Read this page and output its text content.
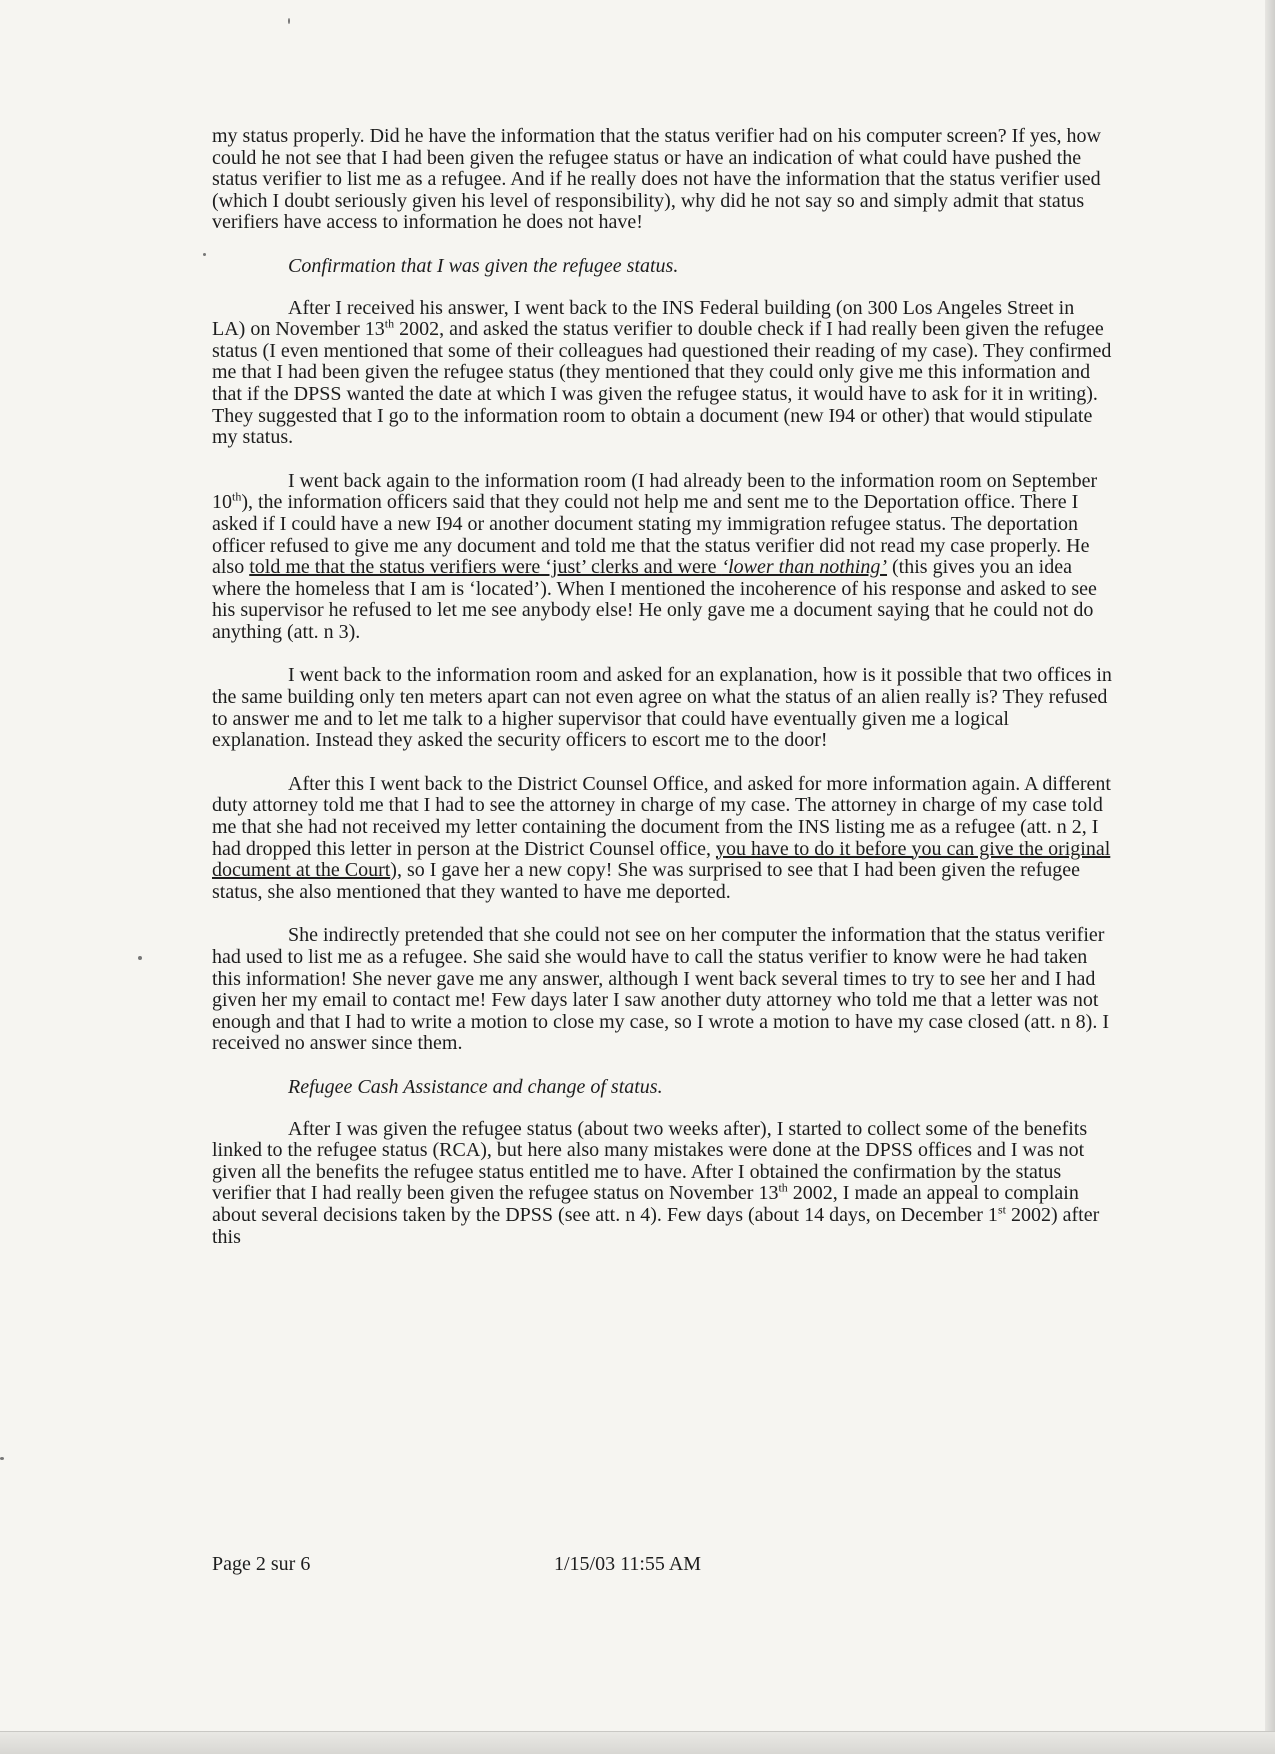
my status properly. Did he have the information that the status verifier had on his computer screen? If yes, how could he not see that I had been given the refugee status or have an indication of what could have pushed the status verifier to list me as a refugee. And if he really does not have the information that the status verifier used (which I doubt seriously given his level of responsibility), why did he not say so and simply admit that status verifiers have access to information he does not have!

Confirmation that I was given the refugee status.

After I received his answer, I went back to the INS Federal building (on 300 Los Angeles Street in LA) on November 13th 2002, and asked the status verifier to double check if I had really been given the refugee status (I even mentioned that some of their colleagues had questioned their reading of my case). They confirmed me that I had been given the refugee status (they mentioned that they could only give me this information and that if the DPSS wanted the date at which I was given the refugee status, it would have to ask for it in writing). They suggested that I go to the information room to obtain a document (new I94 or other) that would stipulate my status.

I went back again to the information room (I had already been to the information room on September 10th), the information officers said that they could not help me and sent me to the Deportation office. There I asked if I could have a new I94 or another document stating my immigration refugee status. The deportation officer refused to give me any document and told me that the status verifier did not read my case properly. He also told me that the status verifiers were ‘just’ clerks and were ‘lower than nothing’ (this gives you an idea where the homeless that I am is ‘located’). When I mentioned the incoherence of his response and asked to see his supervisor he refused to let me see anybody else! He only gave me a document saying that he could not do anything (att. n 3).

I went back to the information room and asked for an explanation, how is it possible that two offices in the same building only ten meters apart can not even agree on what the status of an alien really is? They refused to answer me and to let me talk to a higher supervisor that could have eventually given me a logical explanation. Instead they asked the security officers to escort me to the door!

After this I went back to the District Counsel Office, and asked for more information again. A different duty attorney told me that I had to see the attorney in charge of my case. The attorney in charge of my case told me that she had not received my letter containing the document from the INS listing me as a refugee (att. n 2, I had dropped this letter in person at the District Counsel office, you have to do it before you can give the original document at the Court), so I gave her a new copy! She was surprised to see that I had been given the refugee status, she also mentioned that they wanted to have me deported.

She indirectly pretended that she could not see on her computer the information that the status verifier had used to list me as a refugee. She said she would have to call the status verifier to know were he had taken this information! She never gave me any answer, although I went back several times to try to see her and I had given her my email to contact me! Few days later I saw another duty attorney who told me that a letter was not enough and that I had to write a motion to close my case, so I wrote a motion to have my case closed (att. n 8). I received no answer since them.

Refugee Cash Assistance and change of status.

After I was given the refugee status (about two weeks after), I started to collect some of the benefits linked to the refugee status (RCA), but here also many mistakes were done at the DPSS offices and I was not given all the benefits the refugee status entitled me to have. After I obtained the confirmation by the status verifier that I had really been given the refugee status on November 13th 2002, I made an appeal to complain about several decisions taken by the DPSS (see att. n 4). Few days (about 14 days, on December 1st 2002) after this

Page 2 sur 6	1/15/03 11:55 AM
